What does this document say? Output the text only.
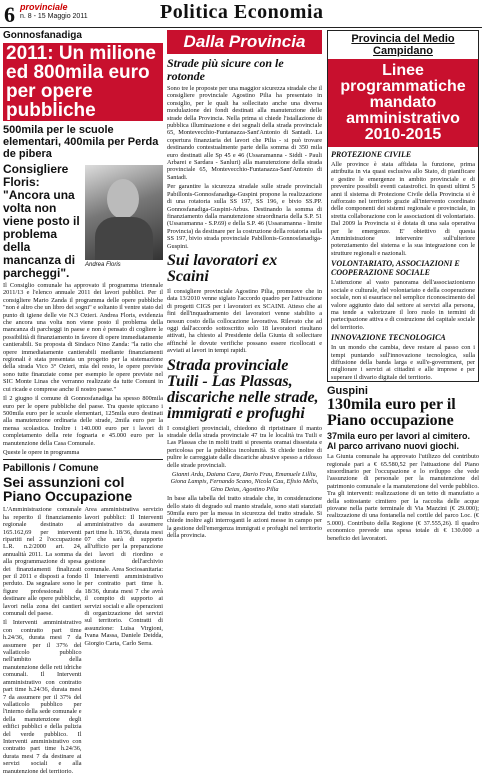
6 provinciale
n. 8 - 15 Maggio 2011	Politica Economia
Gonnosfanadiga
2011: Un milione ed 800mila euro per opere pubbliche
500mila per le scuole elementari, 400mila per Perda de pibera
Andrea Floris
Consigliere Floris: "Ancora una volta non viene posto il problema della mancanza di parcheggi".

Il Consiglio comunale ha approvato il programma triennale 2011/13 e l'elenco annuale 2011 dei lavori pubblici. Per il consigliere Mario Zanda il programma delle opere pubbliche "non è altro che un libro dei sogni" e soltanto il ventre stato del punto di igiene delle vie N.3 Ozieri. Andrea Floris, evidenzia che ancora una volta non viene posto il problema della mancanza di parcheggi in paese e non è pensato di cogliere le possibilità di finanziamento in favore di opere immediatamente cantierabili. Su proposta di Sindaco Nino Zanda: "la ratio che opere immediatamente cantierabili mediante finanziamenti regionali è stata presentata un progetto per la sistemazione della strada Vico 3° Ozieri, mia del resto, le opere previste sono tutte finanziate come per esempio le opere previste nel SIC Monte Linas che verranno realizzate da tutte Comuni in cui ricade e comprese anche il nostro paese."

Il 2 giugno il comune di Gonnosfanadiga ha spesso 800mila euro per le opere pubbliche del paese. Tra queste spiccano i 500mila euro per le scuole elementari, 125mila euro destinati alla manutenzione ordinaria delle strade, 2mila euro per la mensa scolastica. Inoltre i 140.000 euro per i lavori di completamento della rete fognaria e 45.000 euro per la manutenzione della Casa Comunale.

Queste le opere in programma

Pabillonis / Comune
Sei assunzioni col Piano Occupazione

L'Amministrazione comunale ha reperito il finanziamento regionale destinato al 165.162,69 per interventi ripartiti nel 2 l'occupazione L.R. n.2/2000 art. 24, annualità 2011. La somma da alla programmazione di spesa dei finanziamenti finalizzati per il 2011 e disposti a fondo perduto. Da segnalare sono le figure professionali da destinare alle opere pubbliche, lavori nella zona dei cantieri comunali del paese.

Il Interventi amministrativo con contratto part time h.24/36, durata mesi 7 da assumere per il 37% del vallaticolo pubblico nell'ambito della manutenzione delle reti idriche comunali. Il Interventi amministrativo con contratto part time h.24/36, durata mesi 7 da assumere per il 37% del vallaticolo pubblico per l'interno della sede comunale e della manutenzione degli edifici pubblici e della pulizia del verde pubblico. Il Interventi amministrativo con contratto part time h.24/36, durata mesi 7 da destinare ai servizi sociali e alla manutenzione del territorio.

Area amministrativa servizio lavori pubblici: Il Interventi amministrativo da assumere part time h. 18/36, durata mesi 07 che sarà di supporto all'ufficio per la preparazione dei lavori di riordino e gestione dell'archivio comunale. Area Sociosanitaria: Il Interventi amministrativo per contratto part time h. 18/36, durata mesi 7 che avrà il compito di supporto ai servizi sociali e alle operazioni di organizzazione dei servizi sul territorio. Contratti di assunzione: Luisa Virgioni, Ivana Massa, Daniele Deidda, Giorgio Carta, Carlo Serra.

Dalla Provincia
Strade più sicure con le rotonde

Sono tre le proposte per una maggior sicurezza stradale che il consigliere provinciale Agostino Pilia ha presentato in consiglio, per le quali ha sollecitato anche una diversa modulazione dei fondi destinati alla manutenzione delle strade della Provincia. Nella prima si chiede l'istallazione di pubblica illuminazione e dei segnali della strada provinciale 65, Montevecchio-Funtanazza-Sant'Antonio di Santadi. La copertura finanziaria dei lavori che Pilia - si può trovare destinando contestualmente parte della somma di 350 mila euro destinati alle Sp 45 e 46 (Ussaramanna - Siddi - Pauli Arbarei e Sardara - Sanluri) alla manutenzione della strada provinciale 65, Montevecchio-Funtanazza-Sant'Antonio di Santadi.

Per garantire la sicurezza stradale sulle strade provinciali Pabillonis-Gonnosfanadiga-Guspini propone la realizzazione di una rotatoria sulla SS 197, SS 196, e bivio SS.PP. Gonnosfanadiga-Guspini-Arbus. Destinando la somma di finanziamento dalla manutenzione straordinaria della S.P. 51 (Ussaramanna - S.P.69) e della S.P. 46 (Ussaramanna - limite Provincia) da destinare per la costruzione della rotatoria sulla SS 197, bivio strada provinciale Pabillonis-Gonnosfanadiga-Guspini.

Sui lavoratori ex Scaini

Il consigliere provinciale Agostino Pilia, promuove che in data 13/2010 venne siglato l'accordo quadro per l'attivazione di progetti CIGS per i lavoratori ex SCAINI. Atteso che ai fini dell'inquadramento dei lavoratori venne stabilito a nessun costo della collocazione lavorativa. Rilevato che ad oggi dall'accordo sottoscritto solo 18 lavoratori risultano attivati, ha chiesto al Presidente della Giunta di sollecitare affinché le dovute verifiche possano essere ricollocati e avviati ai lavori in tempi rapidi.

Strada provinciale Tuili - Las Plassas, discariche nelle strade, immigrati e profughi

I consiglieri provinciali, chiedono di ripristinare il manto stradale della strada provinciale 47 tra le località tra Tuili e Las Plassas che in molti tratti si presenta oramai dissestata e pericolosa per la pubblica incolumità. Si chiede inoltre di pulire le carreggiate dalle discariche abusive spesso a ridosso delle strade provinciali.

Gianni Ardu, Daiana Cara, Dario Frau, Emanuele Lilliu, Giona Lampis, Fernando Scano, Nicola Cau, Efisio Melis, Gino Deias, Agostino Pilia

In base alla tabella del tratto stradale che, in considerazione dello stato di degrado sul manto stradale, sono stati stanziati 50mila euro per la messa in sicurezza del tratto stradale. Si chiede inoltre agli interroganti le azioni messe in campo per la gestione dell'emergenza immigrati e profughi nel territorio della provincia.

Provincia del Medio Campidano
Linee programmatiche mandato amministrativo 2010-2015
PROTEZIONE CIVILE
Alle province è stata affidata la funzione, prima attribuita in via quasi esclusiva allo Stato, di pianificare e gestire le emergenze in ambito provinciale e di prevenire possibili eventi catastrofici. In questi ultimi 5 anni il sistema di Protezione Civile della Provincia si è rafforzato nel territorio grazie all'intervento coordinato delle componenti dei sistemi regionale e provinciale, in stretta collaborazione con le associazioni di volontariato. Dal 2009 la Provincia si è dotata di una sala operativa per le emergenze. E' obiettivo di questa Amministrazione intervenire sull'ulteriore potenziamento del sistema e la sua integrazione con le strutture regionali e nazionali.
VOLONTARIATO, ASSOCIAZIONI E COOPERAZIONE SOCIALE
L'attenzione al vasto panorama dell'associazionismo sociale e culturale, del volontariato e della cooperazione sociale, non si esaurisce nel semplice riconoscimento del valore aggiunto dato dal settore ai servizi alla persona, ma tende a valorizzare il loro ruolo in termini di partecipazione attiva e di costruzione del capitale sociale del territorio.
INNOVAZIONE TECNOLOGICA
In un mondo che cambia, deve restare al passo con i tempi puntando sull'innovazione tecnologica, sulla diffusione della banda larga e sull'e-government, per migliorare i servizi ai cittadini e alle imprese e per superare il divario digitale del territorio.
Guspini
130mila euro per il Piano occupazione
37mila euro per lavori al cimitero. Al parco arrivano nuovi giochi.
La Giunta comunale ha approvato l'utilizzo del contributo regionale pari a € 65.580,52 per l'attuazione del Piano straordinario per l'occupazione e lo sviluppo che vede l'assunzione di personale per la manutenzione del patrimonio comunale e la manutenzione del verde pubblico. Tra gli interventi: realizzazione di un tetto di manufatto a della sottostante cimitero per la raccolta delle acque piovane nella parte terminale di Via Mazzini (€ 29.000); realizzazione di una fontanella nel cortile del parco Loc. (€ 5.000). Contributo della Regione (€ 37.555,26). Il quadro economico prevede una spesa totale di € 130.000 a beneficio dei lavoratori.
